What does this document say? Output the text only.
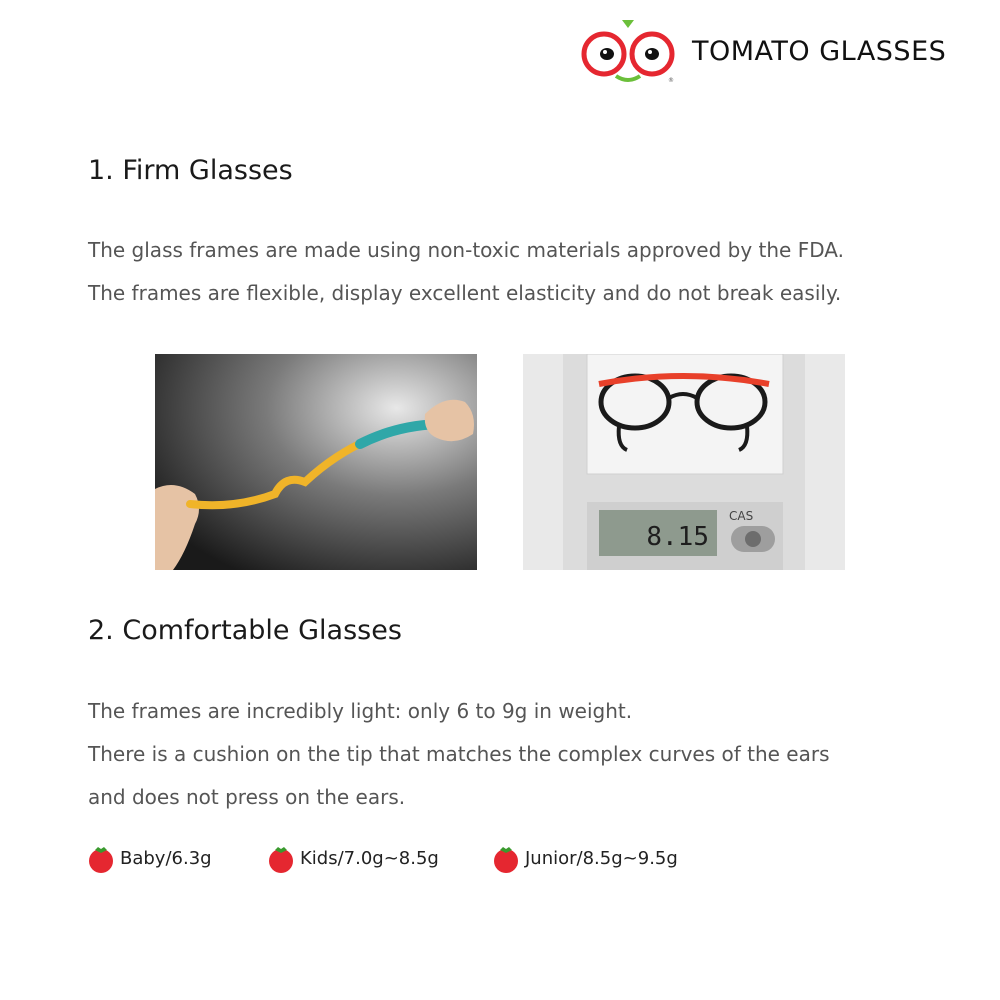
®
TOMATO GLASSES
1. Firm Glasses

The glass frames are made using non-toxic materials approved by the FDA.
The frames are flexible, display excellent elasticity and do not break easily.

8.15
CAS
2. Comfortable Glasses

The frames are incredibly light: only 6 to 9g in weight.
There is a cushion on the tip that matches the complex curves of the ears
and does not press on the ears.

Baby/6.3g	Kids/7.0g~8.5g	Junior/8.5g~9.5g
